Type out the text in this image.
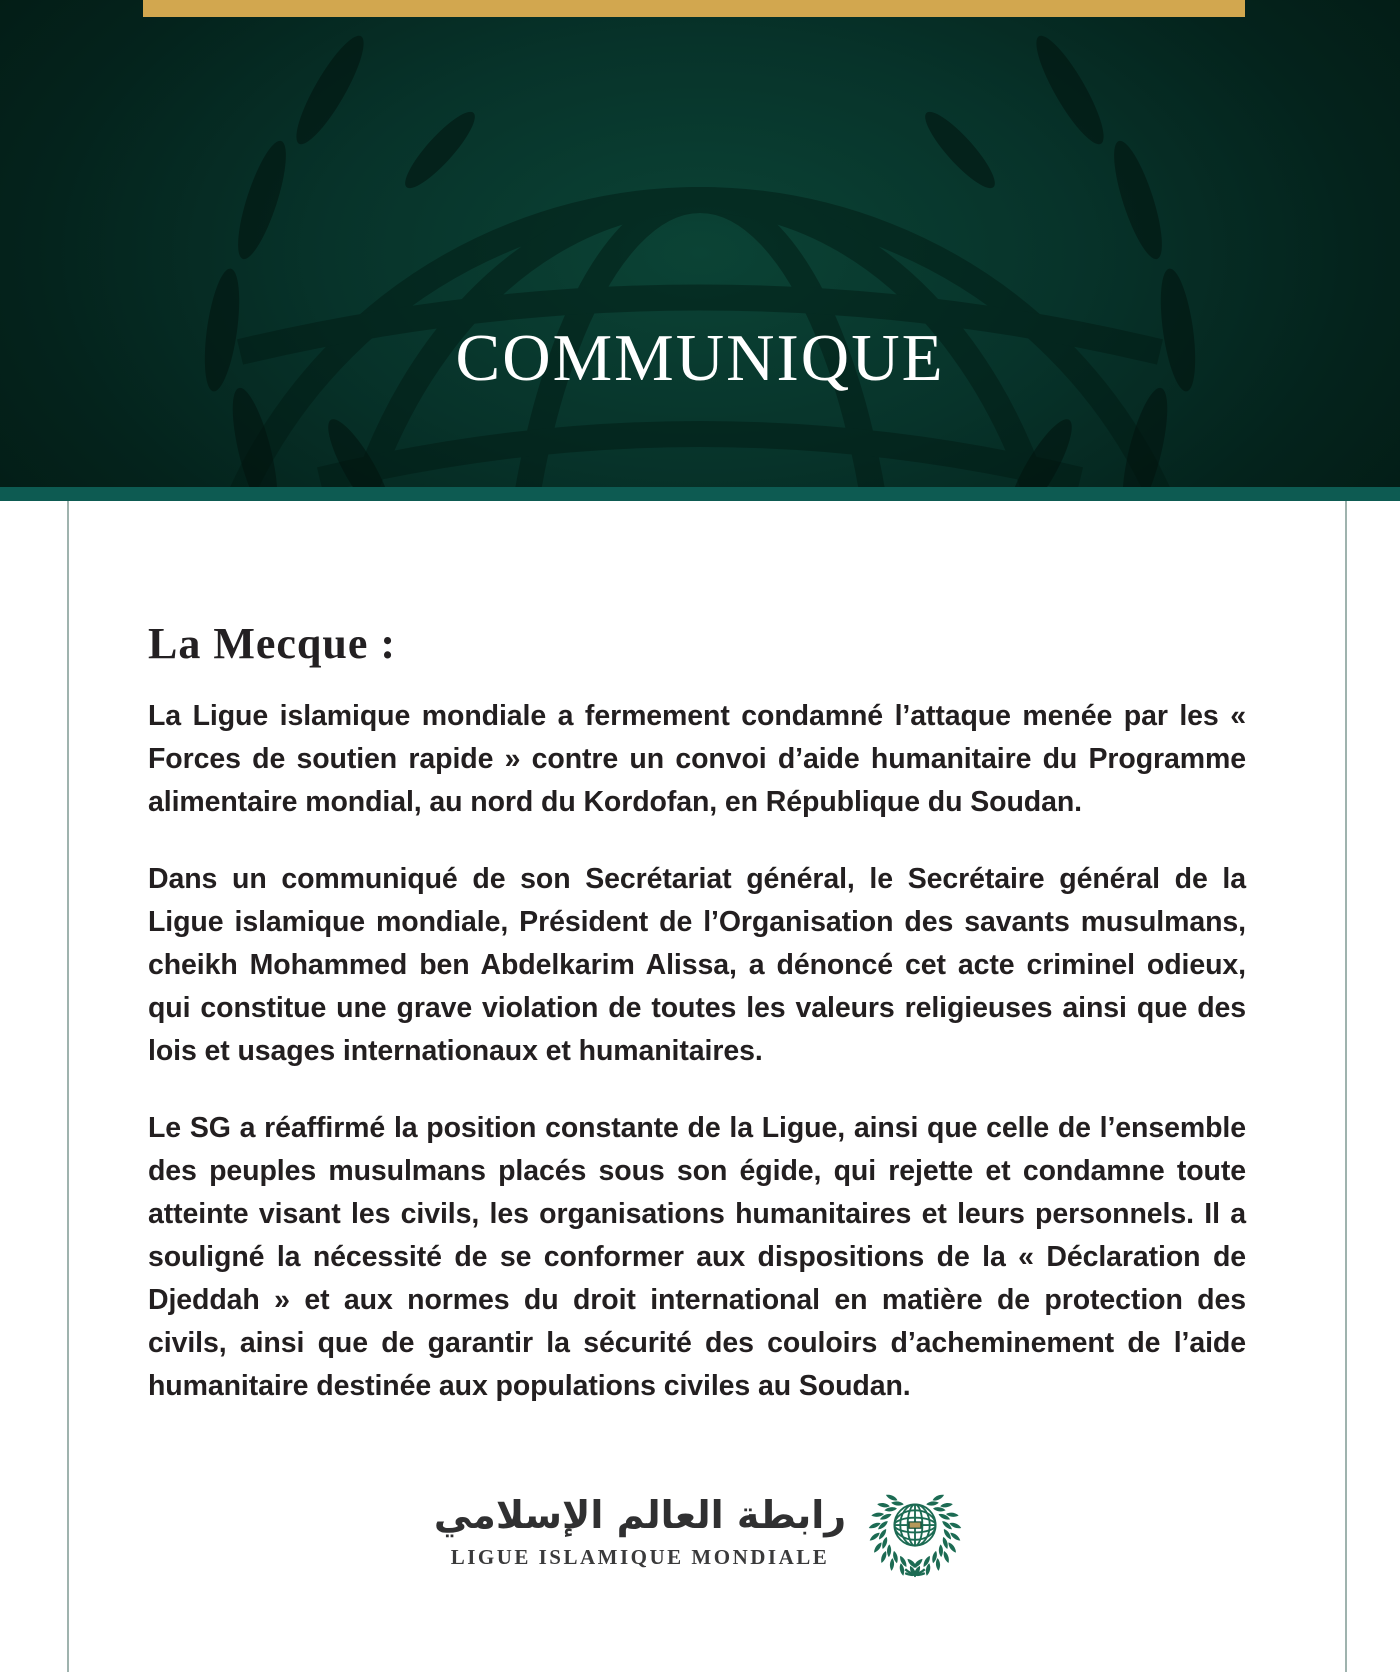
COMMUNIQUE
La Mecque :
La Ligue islamique mondiale a fermement condamné l’attaque menée par les «
Forces de soutien rapide » contre un convoi d’aide humanitaire du Programme
alimentaire mondial, au nord du Kordofan, en République du Soudan.
Dans un communiqué de son Secrétariat général, le Secrétaire général de la
Ligue islamique mondiale, Président de l’Organisation des savants musulmans,
cheikh Mohammed ben Abdelkarim Alissa, a dénoncé cet acte criminel odieux,
qui constitue une grave violation de toutes les valeurs religieuses ainsi que des
lois et usages internationaux et humanitaires.
Le SG a réaffirmé la position constante de la Ligue, ainsi que celle de l’ensemble
des peuples musulmans placés sous son égide, qui rejette et condamne toute
atteinte visant les civils, les organisations humanitaires et leurs personnels. Il a
souligné la nécessité de se conformer aux dispositions de la « Déclaration de
Djeddah » et aux normes du droit international en matière de protection des
civils, ainsi que de garantir la sécurité des couloirs d’acheminement de l’aide
humanitaire destinée aux populations civiles au Soudan.
رابطة العالم الإسلامي
LIGUE ISLAMIQUE MONDIALE
